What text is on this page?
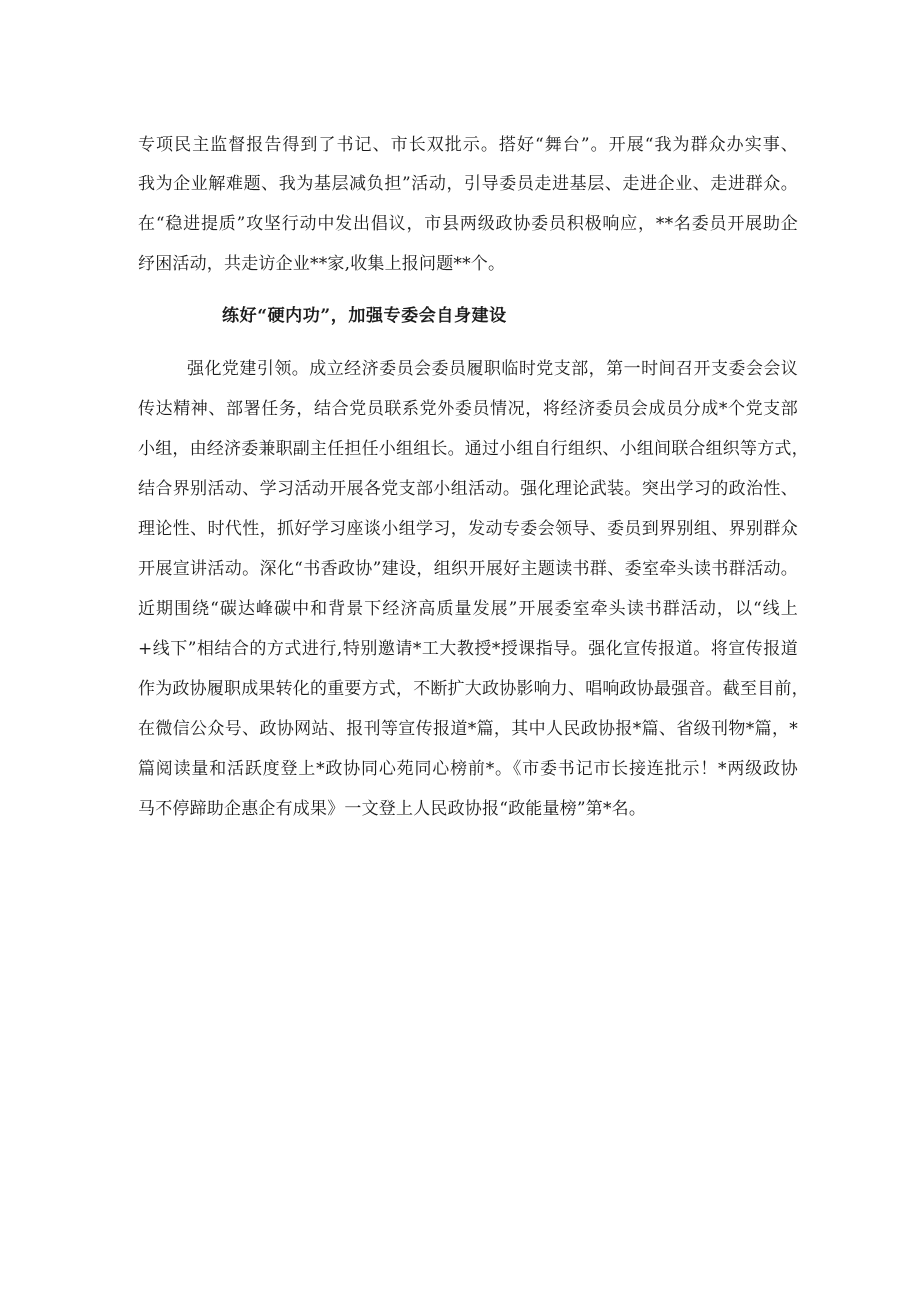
专项民主监督报告得到了书记、市长双批示。搭好“舞台”。开展“我为群众办实事、
我为企业解难题、我为基层减负担”活动，引导委员走进基层、走进企业、走进群众。
在“稳进提质”攻坚行动中发出倡议，市县两级政协委员积极响应，**名委员开展助企
纾困活动，共走访企业**家,收集上报问题**个。
练好“硬内功”，加强专委会自身建设
强化党建引领。成立经济委员会委员履职临时党支部，第一时间召开支委会会议
传达精神、部署任务，结合党员联系党外委员情况，将经济委员会成员分成*个党支部
小组，由经济委兼职副主任担任小组组长。通过小组自行组织、小组间联合组织等方式，
结合界别活动、学习活动开展各党支部小组活动。强化理论武装。突出学习的政治性、
理论性、时代性，抓好学习座谈小组学习，发动专委会领导、委员到界别组、界别群众
开展宣讲活动。深化“书香政协”建设，组织开展好主题读书群、委室牵头读书群活动。
近期围绕“碳达峰碳中和背景下经济高质量发展”开展委室牵头读书群活动，以“线上
+线下”相结合的方式进行,特别邀请*工大教授*授课指导。强化宣传报道。将宣传报道
作为政协履职成果转化的重要方式，不断扩大政协影响力、唱响政协最强音。截至目前，
在微信公众号、政协网站、报刊等宣传报道*篇，其中人民政协报*篇、省级刊物*篇，*
篇阅读量和活跃度登上*政协同心苑同心榜前*。《市委书记市长接连批示！*两级政协
马不停蹄助企惠企有成果》一文登上人民政协报“政能量榜”第*名。
